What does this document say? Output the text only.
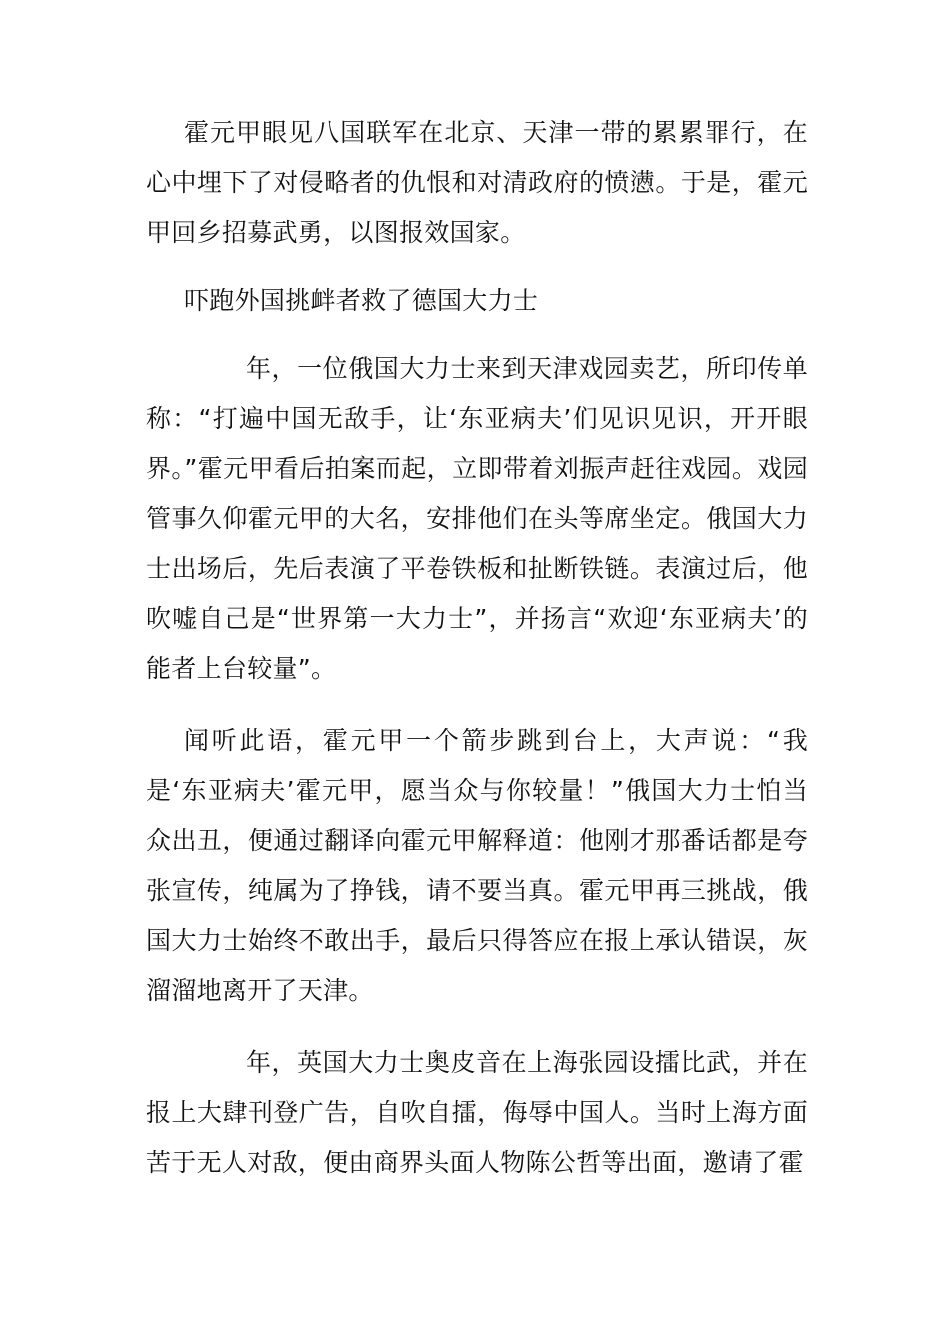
霍元甲眼见八国联军在北京、天津一带的累累罪行，在心中埋下了对侵略者的仇恨和对清政府的愤懑。于是，霍元甲回乡招募武勇，以图报效国家。

吓跑外国挑衅者救了德国大力士

年，一位俄国大力士来到天津戏园卖艺，所印传单称：“打遍中国无敌手，让‘东亚病夫’们见识见识，开开眼界。”霍元甲看后拍案而起，立即带着刘振声赶往戏园。戏园管事久仰霍元甲的大名，安排他们在头等席坐定。俄国大力士出场后，先后表演了平卷铁板和扯断铁链。表演过后，他吹嘘自己是“世界第一大力士”，并扬言“欢迎‘东亚病夫’的能者上台较量”。

闻听此语，霍元甲一个箭步跳到台上，大声说：“我是‘东亚病夫’霍元甲，愿当众与你较量！”俄国大力士怕当众出丑，便通过翻译向霍元甲解释道：他刚才那番话都是夸张宣传，纯属为了挣钱，请不要当真。霍元甲再三挑战，俄国大力士始终不敢出手，最后只得答应在报上承认错误，灰溜溜地离开了天津。

年，英国大力士奥皮音在上海张园设擂比武，并在报上大肆刊登广告，自吹自擂，侮辱中国人。当时上海方面苦于无人对敌，便由商界头面人物陈公哲等出面，邀请了霍
